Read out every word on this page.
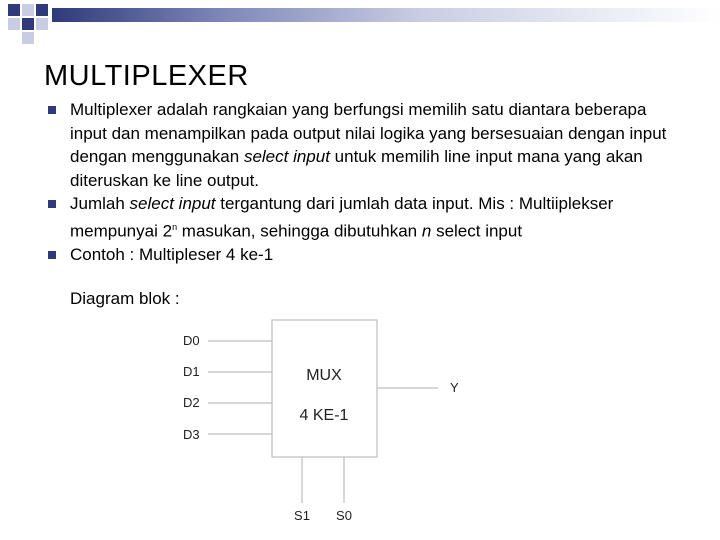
MULTIPLEXER
Multiplexer adalah rangkaian yang berfungsi memilih satu diantara beberapa input dan menampilkan pada output nilai logika yang bersesuaian dengan input dengan menggunakan select input untuk memilih line input mana yang akan diteruskan ke line output.
Jumlah select input tergantung dari jumlah data input. Mis : Multiiplekser mempunyai 2$^n$ masukan, sehingga dibutuhkan n select input
Contoh : Multipleser 4 ke-1
Diagram blok :
D0
D1
D2
D3
MUX
4 KE-1
Y
S1 S0
